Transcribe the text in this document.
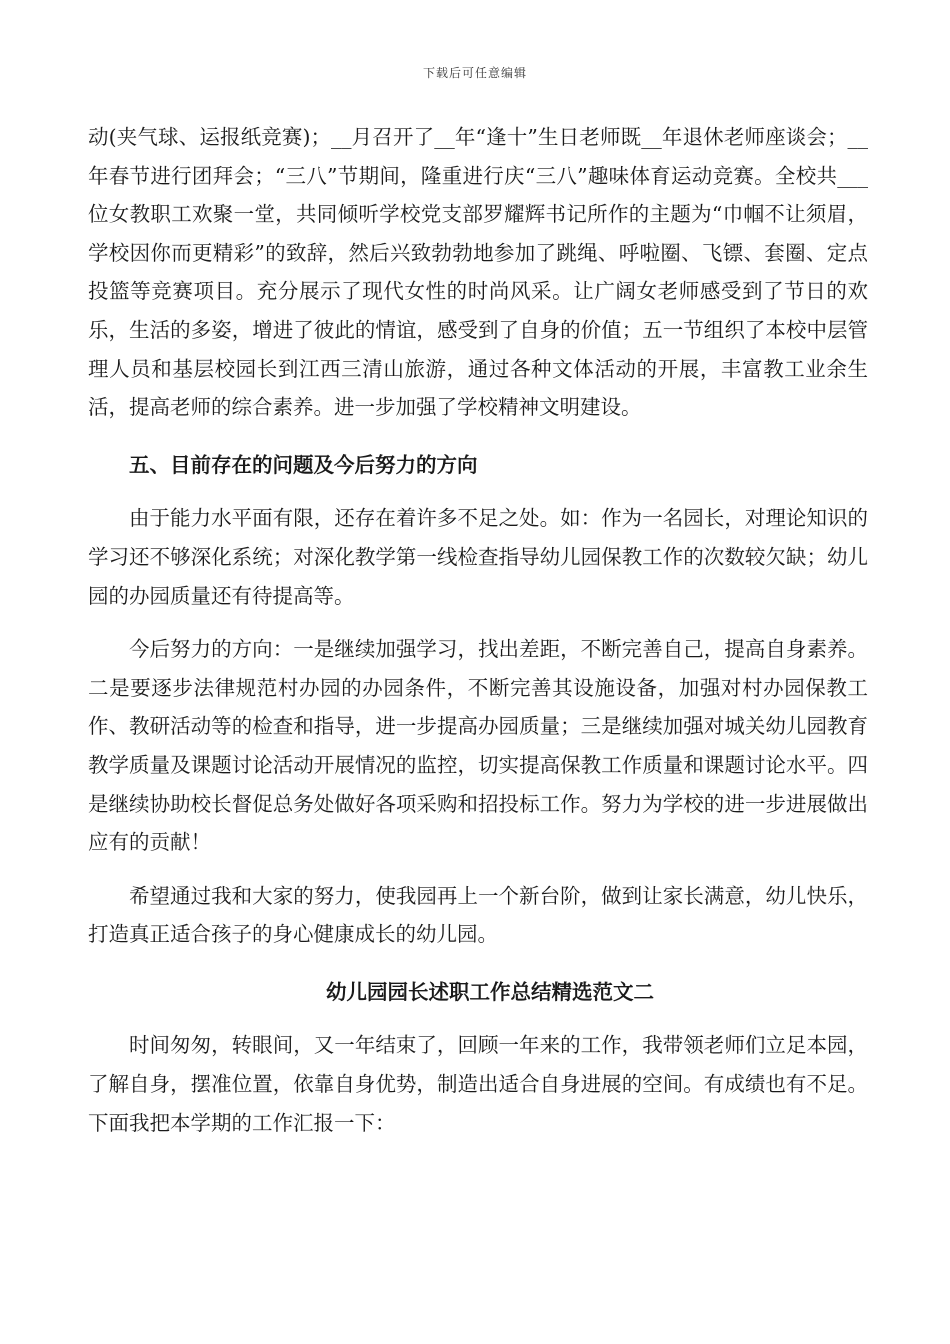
下载后可任意编辑

动(夹气球、运报纸竞赛)；__月召开了__年“逢十”生日老师既__年退休老师座谈会；__年春节进行团拜会；“三八”节期间，隆重进行庆“三八”趣味体育运动竞赛。全校共___位女教职工欢聚一堂，共同倾听学校党支部罗耀辉书记所作的主题为“巾帼不让须眉，学校因你而更精彩”的致辞，然后兴致勃勃地参加了跳绳、呼啦圈、飞镖、套圈、定点投篮等竞赛项目。充分展示了现代女性的时尚风采。让广阔女老师感受到了节日的欢乐，生活的多姿，增进了彼此的情谊，感受到了自身的价值；五一节组织了本校中层管理人员和基层校园长到江西三清山旅游，通过各种文体活动的开展，丰富教工业余生活，提高老师的综合素养。进一步加强了学校精神文明建设。

五、目前存在的问题及今后努力的方向

由于能力水平面有限，还存在着许多不足之处。如：作为一名园长，对理论知识的学习还不够深化系统；对深化教学第一线检查指导幼儿园保教工作的次数较欠缺；幼儿园的办园质量还有待提高等。

今后努力的方向：一是继续加强学习，找出差距，不断完善自己，提高自身素养。二是要逐步法律规范村办园的办园条件，不断完善其设施设备，加强对村办园保教工作、教研活动等的检查和指导，进一步提高办园质量；三是继续加强对城关幼儿园教育教学质量及课题讨论活动开展情况的监控，切实提高保教工作质量和课题讨论水平。四是继续协助校长督促总务处做好各项采购和招投标工作。努力为学校的进一步进展做出应有的贡献！

希望通过我和大家的努力，使我园再上一个新台阶，做到让家长满意，幼儿快乐，打造真正适合孩子的身心健康成长的幼儿园。

幼儿园园长述职工作总结精选范文二

时间匆匆，转眼间，又一年结束了，回顾一年来的工作，我带领老师们立足本园，了解自身，摆准位置，依靠自身优势，制造出适合自身进展的空间。有成绩也有不足。下面我把本学期的工作汇报一下：
